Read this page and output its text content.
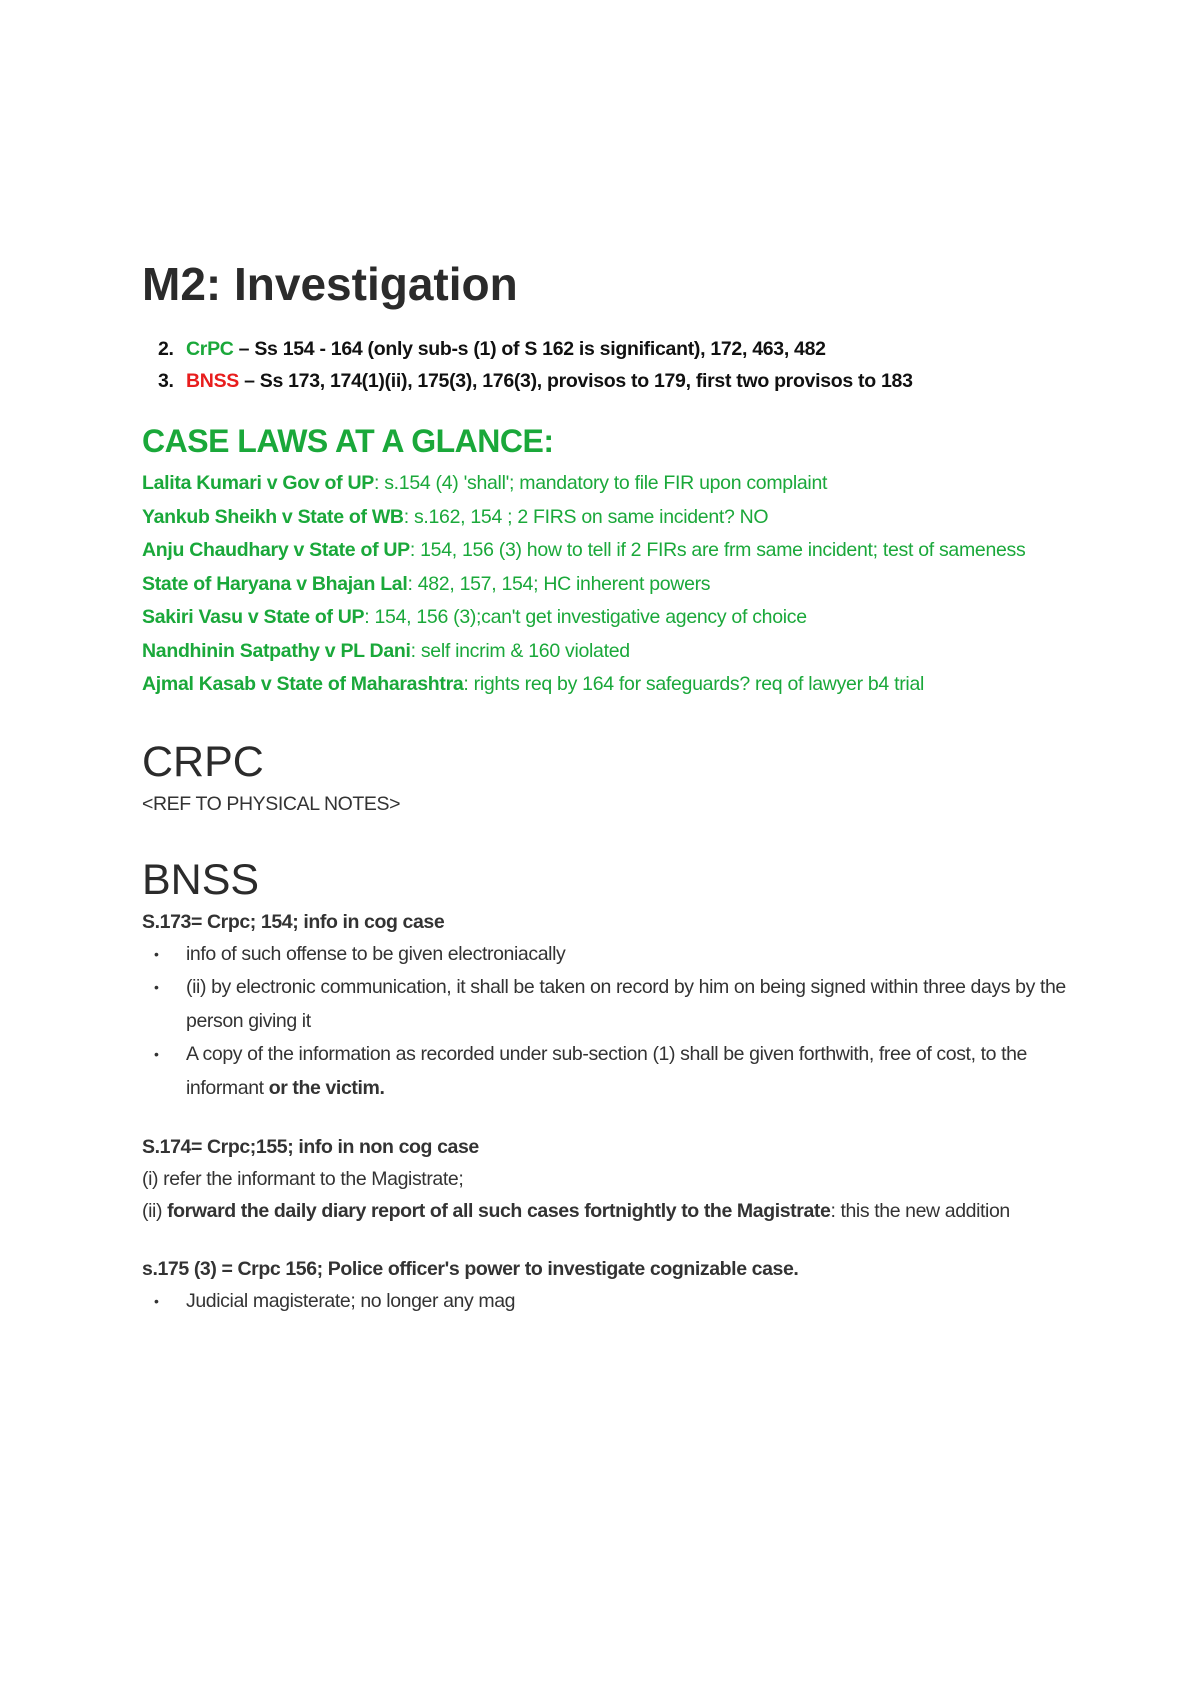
M2: Investigation
2. CrPC – Ss 154 - 164 (only sub-s (1) of S 162 is significant), 172, 463, 482
3. BNSS – Ss 173, 174(1)(ii), 175(3), 176(3), provisos to 179, first two provisos to 183
CASE LAWS AT A GLANCE:
Lalita Kumari v Gov of UP: s.154 (4) 'shall'; mandatory to file FIR upon complaint
Yankub Sheikh v State of WB: s.162, 154 ; 2 FIRS on same incident? NO
Anju Chaudhary v State of UP: 154, 156 (3) how to tell if 2 FIRs are frm same incident; test of sameness
State of Haryana v Bhajan Lal: 482, 157, 154; HC inherent powers
Sakiri Vasu v State of UP: 154, 156 (3);can't get investigative agency of choice
Nandhinin Satpathy v PL Dani: self incrim & 160 violated
Ajmal Kasab v State of Maharashtra: rights req by 164 for safeguards? req of lawyer b4 trial
CRPC
<REF TO PHYSICAL NOTES>
BNSS

S.173= Crpc; 154; info in cog case

• info of such offense to be given electroniacally
• (ii) by electronic communication, it shall be taken on record by him on being signed within three days by the person giving it
• A copy of the information as recorded under sub-section (1) shall be given forthwith, free of cost, to the informant or the victim.

S.174= Crpc;155; info in non cog case

(i) refer the informant to the Magistrate;
(ii) forward the daily diary report of all such cases fortnightly to the Magistrate: this the new addition

s.175 (3) = Crpc 156; Police officer's power to investigate cognizable case.

• Judicial magisterate; no longer any mag
